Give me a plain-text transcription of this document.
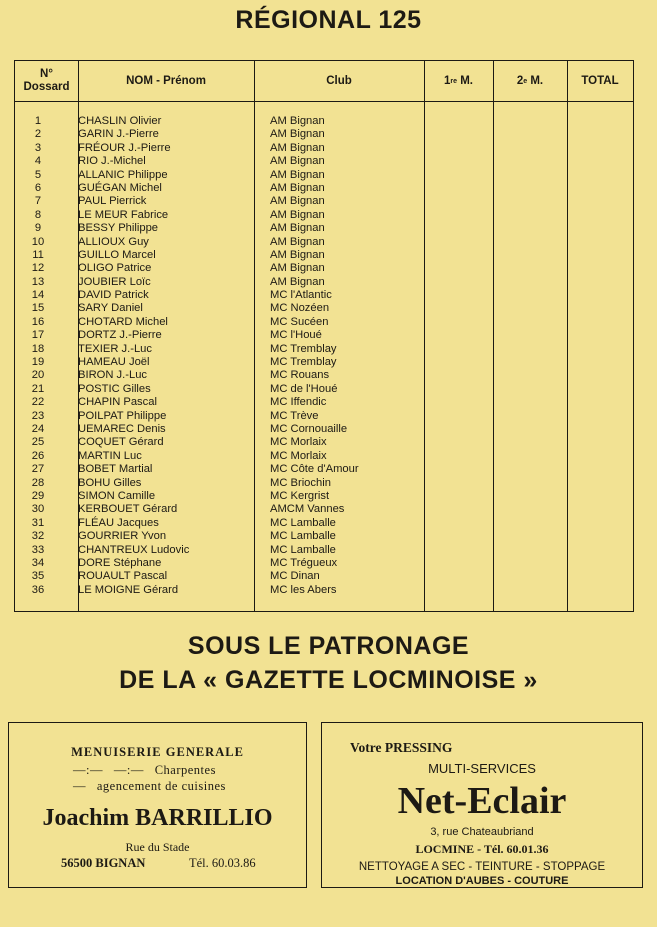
RÉGIONAL 125
N°
Dossard
NOM - Prénom	Club	1 re M.	2 e M.	TOTAL
1	CHASLIN Olivier	AM Bignan
2	GARIN J.-Pierre	AM Bignan
3	FRÉOUR J.-Pierre	AM Bignan
4	RIO J.-Michel	AM Bignan
5	ALLANIC Philippe	AM Bignan
6	GUÉGAN Michel	AM Bignan
7	PAUL Pierrick	AM Bignan
8	LE MEUR Fabrice	AM Bignan
9	BESSY Philippe	AM Bignan
10	ALLIOUX Guy	AM Bignan
11	GUILLO Marcel	AM Bignan
12	OLIGO Patrice	AM Bignan
13	JOUBIER Loïc	AM Bignan
14	DAVID Patrick	MC l'Atlantic
15	SARY Daniel	MC Nozéen
16	CHOTARD Michel	MC Sucéen
17	DORTZ J.-Pierre	MC l'Houé
18	TEXIER J.-Luc	MC Tremblay
19	HAMEAU Joël	MC Tremblay
20	BIRON J.-Luc	MC Rouans
21	POSTIC Gilles	MC de l'Houé
22	CHAPIN Pascal	MC Iffendic
23	POILPAT Philippe	MC Trève
24	UEMAREC Denis	MC Cornouaille
25	COQUET Gérard	MC Morlaix
26	MARTIN Luc	MC Morlaix
27	BOBET Martial	MC Côte d'Amour
28	BOHU Gilles	MC Briochin
29	SIMON Camille	MC Kergrist
30	KERBOUET Gérard	AMCM Vannes
31	FLÉAU Jacques	MC Lamballe
32	GOURRIER Yvon	MC Lamballe
33	CHANTREUX Ludovic	MC Lamballe
34	DORE Stéphane	MC Trégueux
35	ROUAULT Pascal	MC Dinan
36	LE MOIGNE Gérard	MC les Abers
SOUS LE PATRONAGE
DE LA « GAZETTE LOCMINOISE »
MENUISERIE GENERALE
—:—   —:—   Charpentes
—   agencement de cuisines
Joachim BARRILLIO
Rue du Stade
56500 BIGNAN	Tél. 60.03.86
Votre PRESSING
MULTI-SERVICES
Net-Eclair
3, rue Chateaubriand
LOCMINE - Tél. 60.01.36
NETTOYAGE A SEC - TEINTURE - STOPPAGE
LOCATION D'AUBES - COUTURE
